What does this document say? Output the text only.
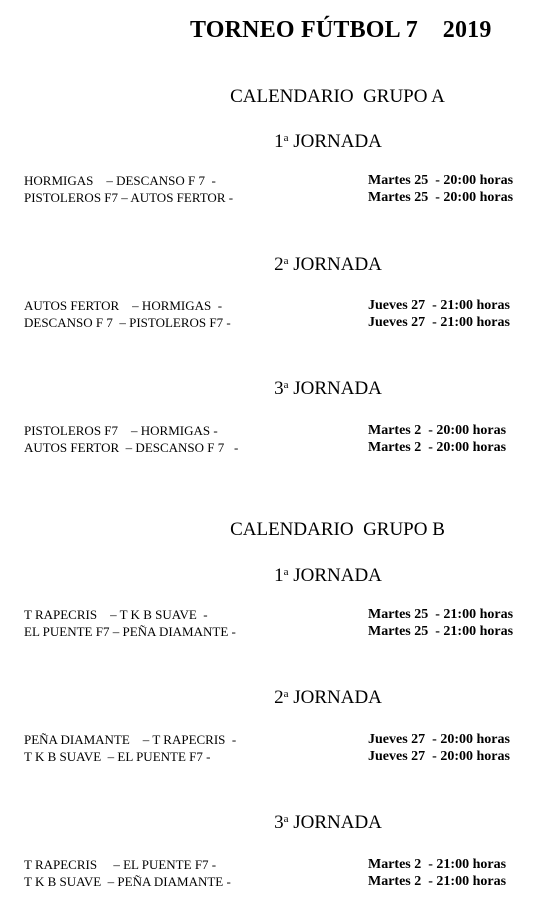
TORNEO FÚTBOL 7    2019
CALENDARIO  GRUPO A
1$^a$ JORNADA
HORMIGAS    – DESCANSO F 7  -	Martes 25  - 20:00 horas
PISTOLEROS F7 – AUTOS FERTOR -	Martes 25  - 20:00 horas
2$^a$ JORNADA
AUTOS FERTOR    – HORMIGAS  -	Jueves 27  - 21:00 horas
DESCANSO F 7  – PISTOLEROS F7 -	Jueves 27  - 21:00 horas
3$^a$ JORNADA
PISTOLEROS F7    – HORMIGAS -	Martes 2  - 20:00 horas
AUTOS FERTOR  – DESCANSO F 7   -	Martes 2  - 20:00 horas
CALENDARIO  GRUPO B
1$^a$ JORNADA
T RAPECRIS    – T K B SUAVE  -	Martes 25  - 21:00 horas
EL PUENTE F7 – PEÑA DIAMANTE -	Martes 25  - 21:00 horas
2$^a$ JORNADA
PEÑA DIAMANTE    – T RAPECRIS  -	Jueves 27  - 20:00 horas
T K B SUAVE  – EL PUENTE F7 -	Jueves 27  - 20:00 horas
3$^a$ JORNADA
T RAPECRIS     – EL PUENTE F7 -	Martes 2  - 21:00 horas
T K B SUAVE  – PEÑA DIAMANTE -	Martes 2  - 21:00 horas
